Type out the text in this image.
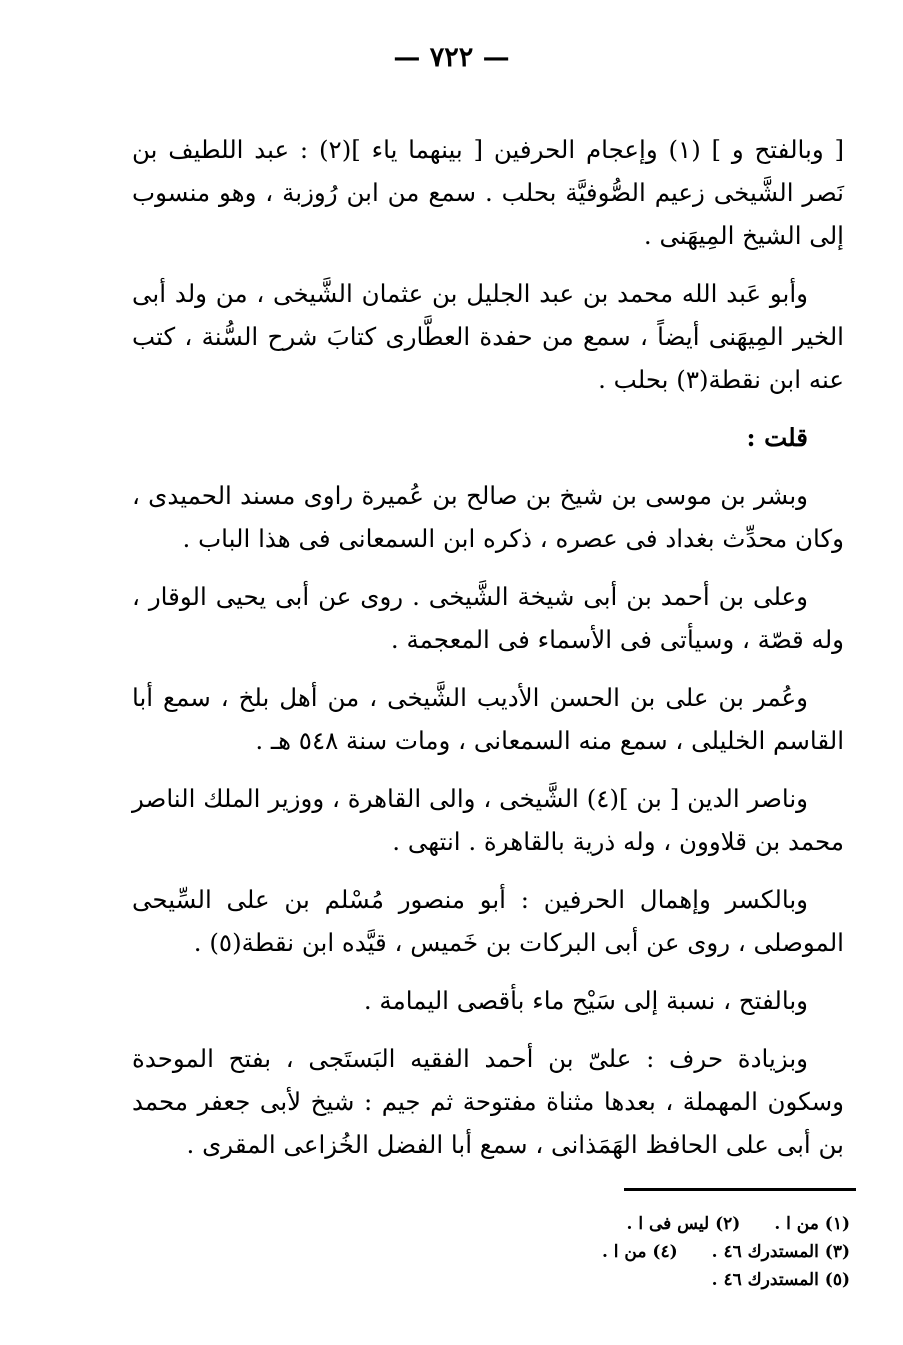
— ٧٢٢ —

[ وبالفتح و ] (١) وإعجام الحرفين [ بينهما ياء ](٢) : عبد اللطيف بن نَصر الشَّيخى زعيم الصُّوفيَّة بحلب . سمع من ابن رُوزبة ، وهو منسوب إلى الشيخ المِيهَنى .

وأبو عَبد الله محمد بن عبد الجليل بن عثمان الشَّيخى ، من ولد أبى الخير المِيهَنى أيضاً ، سمع من حفدة العطَّارى كتابَ شرح السُّنة ، كتب عنه ابن نقطة(٣) بحلب .

قلت :

وبشر بن موسى بن شيخ بن صالح بن عُميرة راوى مسند الحميدى ، وكان محدِّث بغداد فى عصره ، ذكره ابن السمعانى فى هذا الباب .

وعلى بن أحمد بن أبى شيخة الشَّيخى . روى عن أبى يحيى الوقار ، وله قصّة ، وسيأتى فى الأسماء فى المعجمة .

وعُمر بن على بن الحسن الأديب الشَّيخى ، من أهل بلخ ، سمع أبا القاسم الخليلى ، سمع منه السمعانى ، ومات سنة ٥٤٨ هـ .

وناصر الدين [ بن ](٤) الشَّيخى ، والى القاهرة ، ووزير الملك الناصر محمد بن قلاوون ، وله ذرية بالقاهرة . انتهى .

وبالكسر وإهمال الحرفين : أبو منصور مُسْلم بن على السِّيحى الموصلى ، روى عن أبى البركات بن خَميس ، قيَّده ابن نقطة(٥) .

وبالفتح ، نسبة إلى سَيْح ماء بأقصى اليمامة .

وبزيادة حرف : علىّ بن أحمد الفقيه البَستَجى ، بفتح الموحدة وسكون المهملة ، بعدها مثناة مفتوحة ثم جيم : شيخ لأبى جعفر محمد بن أبى على الحافظ الهَمَذانى ، سمع أبا الفضل الخُزاعى المقرى .

(١) من ا .
(٢) ليس فى ا .
(٣) المستدرك ٤٦ .
(٤) من ا .
(٥) المستدرك ٤٦ .
